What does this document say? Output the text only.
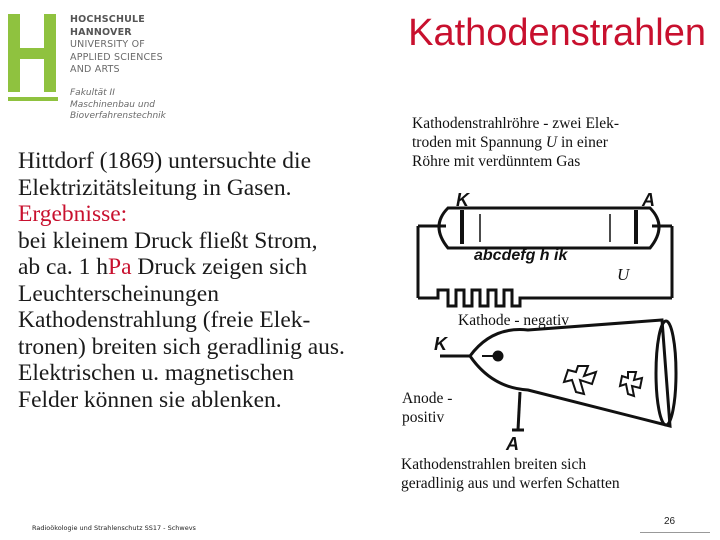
HOCHSCHULE
HANNOVER
UNIVERSITY OF
APPLIED SCIENCES
AND ARTS
Fakultät II
Maschinenbau und
Bioverfahrenstechnik
Kathodenstrahlen
K	A
abcdefg h ik
K
A
Kathodenstrahlröhre - zwei Elek-
troden mit Spannung U in einer
Röhre mit verdünntem Gas
U
Kathode - negativ
Anode -
positiv
Kathodenstrahlen breiten sich
geradlinig aus und werfen Schatten
Hittdorf (1869) untersuchte die
Elektrizitätsleitung in Gasen.
Ergebnisse:
bei kleinem Druck fließt Strom,
ab ca. 1 hPa Druck zeigen sich
Leuchterscheinungen
Kathodenstrahlung (freie Elek-
tronen) breiten sich geradlinig aus.
Elektrischen u. magnetischen
Felder können sie ablenken.
Radioökologie und Strahlenschutz SS17 - Schwevs
26
